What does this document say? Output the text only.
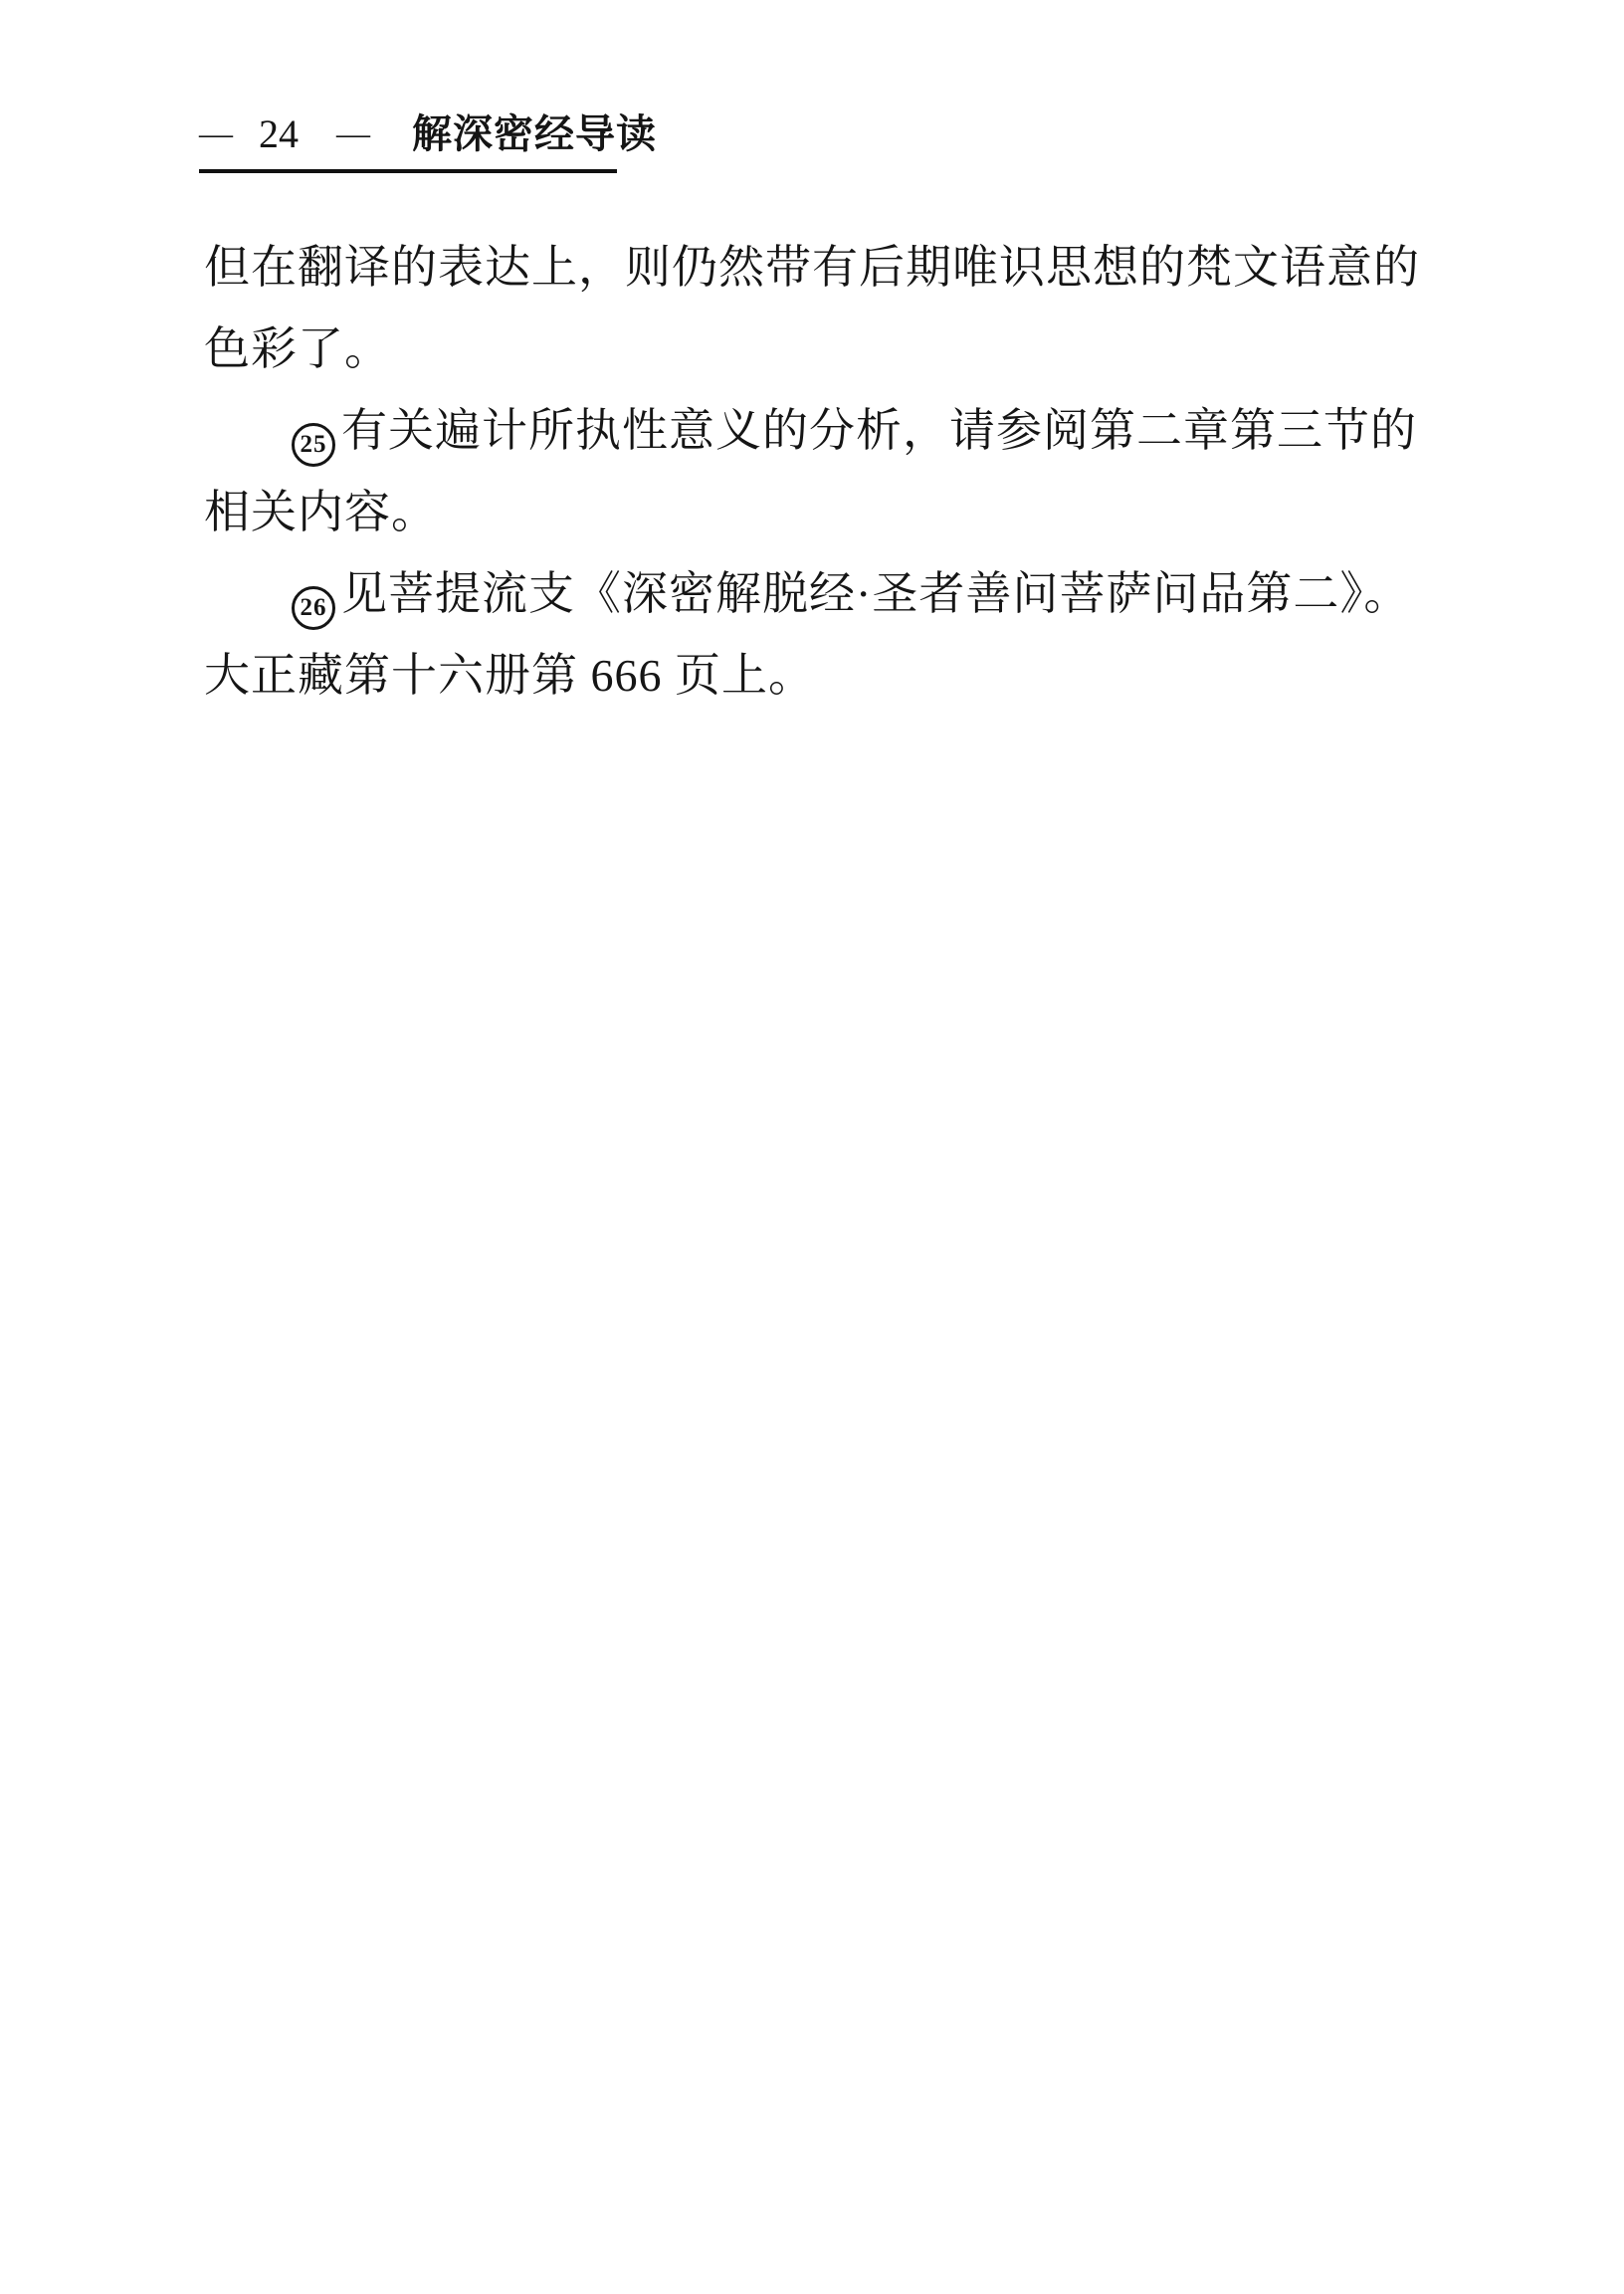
— 24 — 解深密经导读

但在翻译的表达上，则仍然带有后期唯识思想的梵文语意的

色彩了。

25 有关遍计所执性意义的分析，请参阅第二章第三节的

相关内容。

26 见菩提流支《深密解脱经·圣者善问菩萨问品第二》。

大正藏第十六册第 666 页上。
